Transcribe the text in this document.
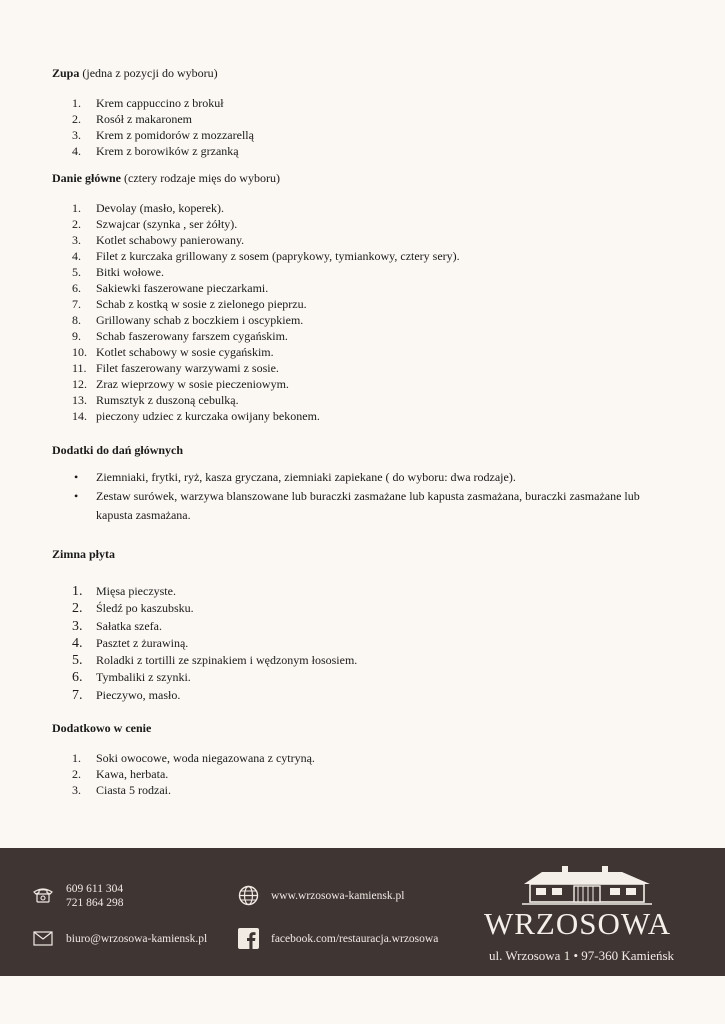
Zupa (jedna z pozycji do wyboru)

1.	Krem cappuccino z brokuł
2.	Rosół z makaronem
3.	Krem z pomidorów z mozzarellą
4.	Krem z borowików z grzanką

Danie główne (cztery rodzaje mięs do wyboru)

1.	Devolay (masło, koperek).
2.	Szwajcar (szynka , ser żółty).
3.	Kotlet schabowy panierowany.
4.	Filet z kurczaka grillowany z sosem (paprykowy, tymiankowy, cztery sery).
5.	Bitki wołowe.
6.	Sakiewki faszerowane pieczarkami.
7.	Schab z kostką w sosie z zielonego pieprzu.
8.	Grillowany schab z boczkiem i oscypkiem.
9.	Schab faszerowany farszem cygańskim.
10. Kotlet schabowy w sosie cygańskim.
11. Filet faszerowany warzywami z sosie.
12. Zraz wieprzowy w sosie pieczeniowym.
13. Rumsztyk z duszoną cebulką.
14. pieczony udziec z kurczaka owijany bekonem.

Dodatki do dań głównych

• Ziemniaki, frytki, ryż, kasza gryczana, ziemniaki zapiekane ( do wyboru: dwa rodzaje).
• Zestaw surówek, warzywa blanszowane lub buraczki zasmażane lub kapusta zasmażana, buraczki zasmażane lub
kapusta zasmażana.

Zimna płyta

1.	Mięsa pieczyste.
2.	Śledź po kaszubsku.
3.	Sałatka szefa.
4.	Pasztet z żurawiną.
5.	Roladki z tortilli ze szpinakiem i wędzonym łososiem.
6.	Tymbaliki z szynki.
7.	Pieczywo, masło.

Dodatkowo w cenie

1.	Soki owocowe, woda niegazowana z cytryną.
2.	Kawa, herbata.
3.	Ciasta 5 rodzai.
609 611 304
721 864 298
biuro@wrzosowa-kamiensk.pl
www.wrzosowa-kamiensk.pl
facebook.com/restauracja.wrzosowa WRZOSOWA
ul. Wrzosowa 1 • 97-360 Kamieńsk
